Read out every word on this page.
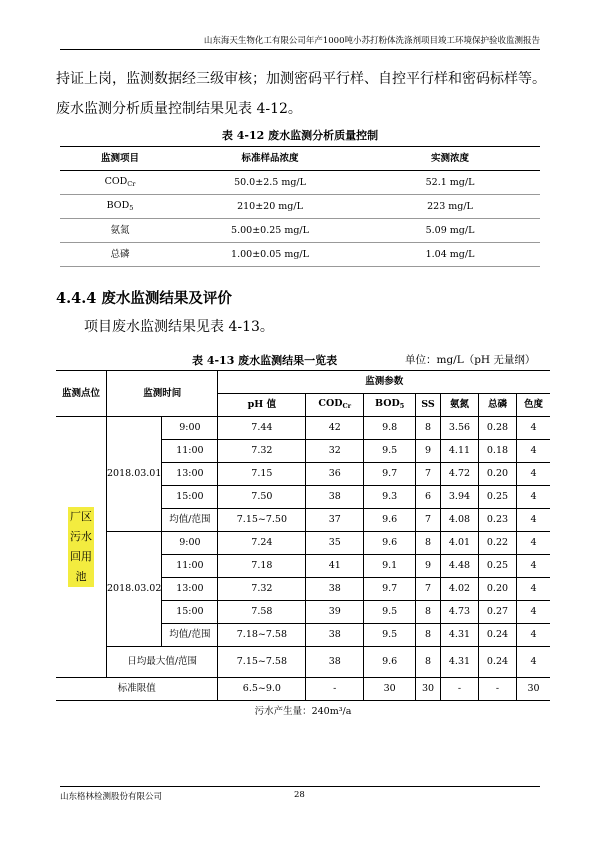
山东海天生物化工有限公司年产1000吨小苏打粉体洗涤剂项目竣工环境保护验收监测报告
持证上岗，监测数据经三级审核；加测密码平行样、自控平行样和密码标样等。
废水监测分析质量控制结果见表 4-12。
表 4-12 废水监测分析质量控制
监测项目	标准样品浓度	实测浓度
$COD_{Cr}$	50.0±2.5 mg/L	52.1 mg/L
$BOD_5$	210±20 mg/L	223 mg/L
氨氮	5.00±0.25 mg/L	5.09 mg/L
总磷	1.00±0.05 mg/L	1.04 mg/L
4.4.4 废水监测结果及评价
项目废水监测结果见表 4-13。
表 4-13 废水监测结果一览表	单位：mg/L（pH 无量纲）
监测点位	监测时间		监测参数						
			pH 值	$COD_{Cr}$	$BOD_5$	SS	氨氮	总磷	色度
厂区污水回用池	2018.03.01	9:00	7.44	42	9.8	8	3.56	0.28	4
		11:00	7.32	32	9.5	9	4.11	0.18	4
		13:00	7.15	36	9.7	7	4.72	0.20	4
		15:00	7.50	38	9.3	6	3.94	0.25	4
		均值/范围	7.15~7.50	37	9.6	7	4.08	0.23	4
	2018.03.02	9:00	7.24	35	9.6	8	4.01	0.22	4
		11:00	7.18	41	9.1	9	4.48	0.25	4
		13:00	7.32	38	9.7	7	4.02	0.20	4
		15:00	7.58	39	9.5	8	4.73	0.27	4
		均值/范围	7.18~7.58	38	9.5	8	4.31	0.24	4
	日均最大值/范围		7.15~7.58	38	9.6	8	4.31	0.24	4
标准限值			6.5~9.0	-	30	30	-	-	30
污水产生量：240m³/a									
山东格林检测股份有限公司	28
